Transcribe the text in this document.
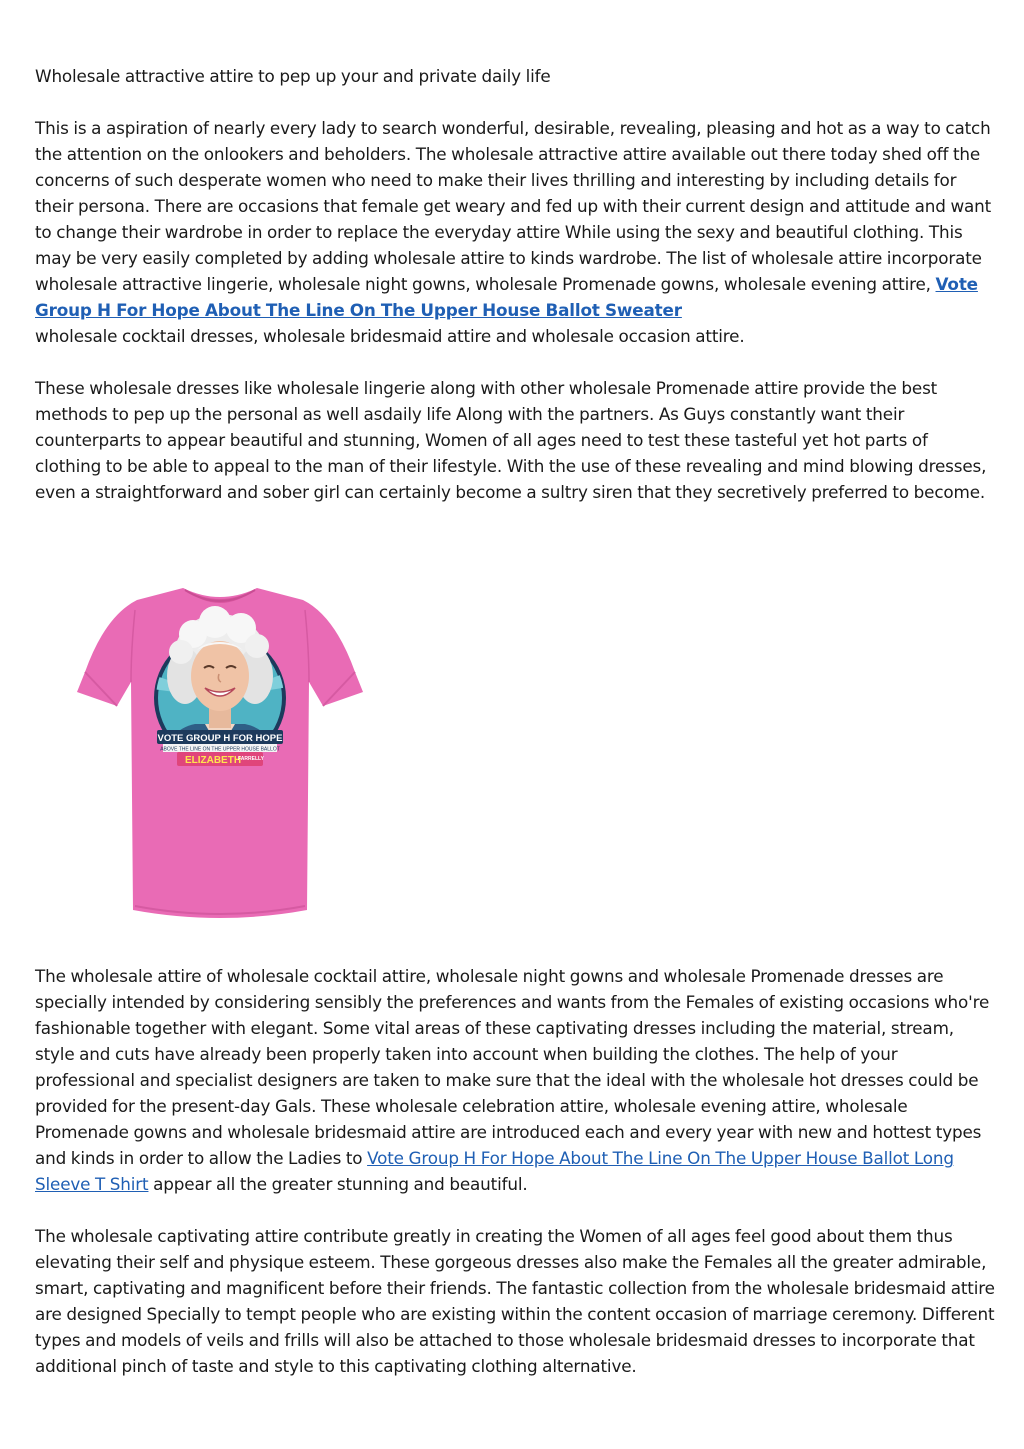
Wholesale attractive attire to pep up your and private daily life

This is a aspiration of nearly every lady to search wonderful, desirable, revealing, pleasing and hot as a way to catch the attention on the onlookers and beholders. The wholesale attractive attire available out there today shed off the concerns of such desperate women who need to make their lives thrilling and interesting by including details for their persona. There are occasions that female get weary and fed up with their current design and attitude and want to change their wardrobe in order to replace the everyday attire While using the sexy and beautiful clothing. This may be very easily completed by adding wholesale attire to kinds wardrobe. The list of wholesale attire incorporate wholesale attractive lingerie, wholesale night gowns, wholesale Promenade gowns, wholesale evening attire, Vote Group H For Hope About The Line On The Upper House Ballot Sweater
wholesale cocktail dresses, wholesale bridesmaid attire and wholesale occasion attire.

These wholesale dresses like wholesale lingerie along with other wholesale Promenade attire provide the best methods to pep up the personal as well asdaily life Along with the partners. As Guys constantly want their counterparts to appear beautiful and stunning, Women of all ages need to test these tasteful yet hot parts of clothing to be able to appeal to the man of their lifestyle. With the use of these revealing and mind blowing dresses, even a straightforward and sober girl can certainly become a sultry siren that they secretively preferred to become.

VOTE GROUP H FOR HOPE
ABOVE THE LINE ON THE UPPER HOUSE BALLOT
ELIZABETH
FARRELLY

The wholesale attire of wholesale cocktail attire, wholesale night gowns and wholesale Promenade dresses are specially intended by considering sensibly the preferences and wants from the Females of existing occasions who're fashionable together with elegant. Some vital areas of these captivating dresses including the material, stream, style and cuts have already been properly taken into account when building the clothes. The help of your professional and specialist designers are taken to make sure that the ideal with the wholesale hot dresses could be provided for the present-day Gals. These wholesale celebration attire, wholesale evening attire, wholesale Promenade gowns and wholesale bridesmaid attire are introduced each and every year with new and hottest types and kinds in order to allow the Ladies to Vote Group H For Hope About The Line On The Upper House Ballot Long Sleeve T Shirt appear all the greater stunning and beautiful.

The wholesale captivating attire contribute greatly in creating the Women of all ages feel good about them thus elevating their self and physique esteem. These gorgeous dresses also make the Females all the greater admirable, smart, captivating and magnificent before their friends. The fantastic collection from the wholesale bridesmaid attire are designed Specially to tempt people who are existing within the content occasion of marriage ceremony. Different types and models of veils and frills will also be attached to those wholesale bridesmaid dresses to incorporate that additional pinch of taste and style to this captivating clothing alternative.
